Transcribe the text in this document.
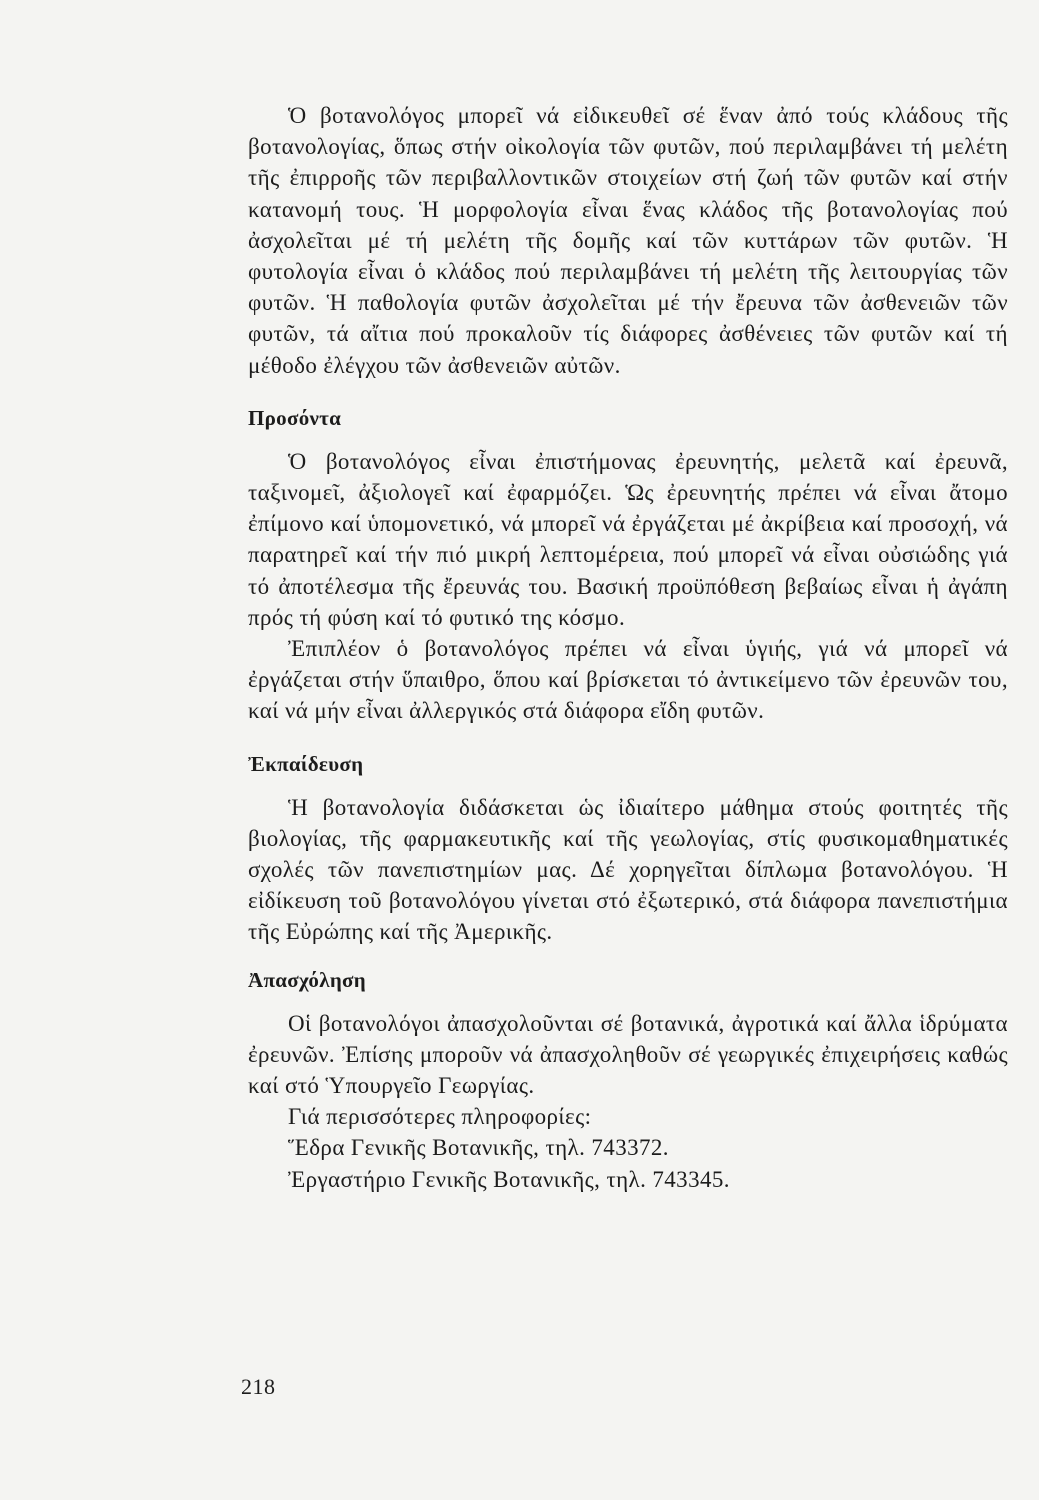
Ὁ βοτανολόγος μπορεῖ νά εἰδικευθεῖ σέ ἕναν ἀπό τούς κλάδους τῆς βοτανολογίας, ὅπως στήν οἰκολογία τῶν φυτῶν, πού περιλαμβάνει τή μελέτη τῆς ἐπιρροῆς τῶν περιβαλλοντικῶν στοιχείων στή ζωή τῶν φυτῶν καί στήν κατανομή τους. Ἡ μορφολογία εἶναι ἕνας κλάδος τῆς βοτανολογίας πού ἀσχολεῖται μέ τή μελέτη τῆς δομῆς καί τῶν κυττάρων τῶν φυτῶν. Ἡ φυτολογία εἶναι ὁ κλάδος πού περιλαμβάνει τή μελέτη τῆς λειτουργίας τῶν φυτῶν. Ἡ παθολογία φυτῶν ἀσχολεῖται μέ τήν ἔρευνα τῶν ἀσθενειῶν τῶν φυτῶν, τά αἴτια πού προκαλοῦν τίς διάφορες ἀσθένειες τῶν φυτῶν καί τή μέθοδο ἐλέγχου τῶν ἀσθενειῶν αὐτῶν.

Προσόντα

Ὁ βοτανολόγος εἶναι ἐπιστήμονας ἐρευνητής, μελετᾶ καί ἐρευνᾶ, ταξινομεῖ, ἀξιολογεῖ καί ἐφαρμόζει. Ὡς ἐρευνητής πρέπει νά εἶναι ἄτομο ἐπίμονο καί ὑπομονετικό, νά μπορεῖ νά ἐργάζεται μέ ἀκρίβεια καί προσοχή, νά παρατηρεῖ καί τήν πιό μικρή λεπτομέρεια, πού μπορεῖ νά εἶναι οὐσιώδης γιά τό ἀποτέλεσμα τῆς ἔρευνάς του. Βασική προϋπόθεση βεβαίως εἶναι ἡ ἀγάπη πρός τή φύση καί τό φυτικό της κόσμο.

Ἐπιπλέον ὁ βοτανολόγος πρέπει νά εἶναι ὑγιής, γιά νά μπορεῖ νά ἐργάζεται στήν ὕπαιθρο, ὅπου καί βρίσκεται τό ἀντικείμενο τῶν ἐρευνῶν του, καί νά μήν εἶναι ἀλλεργικός στά διάφορα εἴδη φυτῶν.

Ἐκπαίδευση

Ἡ βοτανολογία διδάσκεται ὡς ἰδιαίτερο μάθημα στούς φοιτητές τῆς βιολογίας, τῆς φαρμακευτικῆς καί τῆς γεωλογίας, στίς φυσικομαθηματικές σχολές τῶν πανεπιστημίων μας. Δέ χορηγεῖται δίπλωμα βοτανολόγου. Ἡ εἰδίκευση τοῦ βοτανολόγου γίνεται στό ἐξωτερικό, στά διάφορα πανεπιστήμια τῆς Εὐρώπης καί τῆς Ἀμερικῆς.

Ἀπασχόληση

Οἱ βοτανολόγοι ἀπασχολοῦνται σέ βοτανικά, ἀγροτικά καί ἄλλα ἱδρύματα ἐρευνῶν. Ἐπίσης μποροῦν νά ἀπασχοληθοῦν σέ γεωργικές ἐπιχειρήσεις καθώς καί στό Ὑπουργεῖο Γεωργίας.

Γιά περισσότερες πληροφορίες:

Ἕδρα Γενικῆς Βοτανικῆς, τηλ. 743372.

Ἐργαστήριο Γενικῆς Βοτανικῆς, τηλ. 743345.

218
